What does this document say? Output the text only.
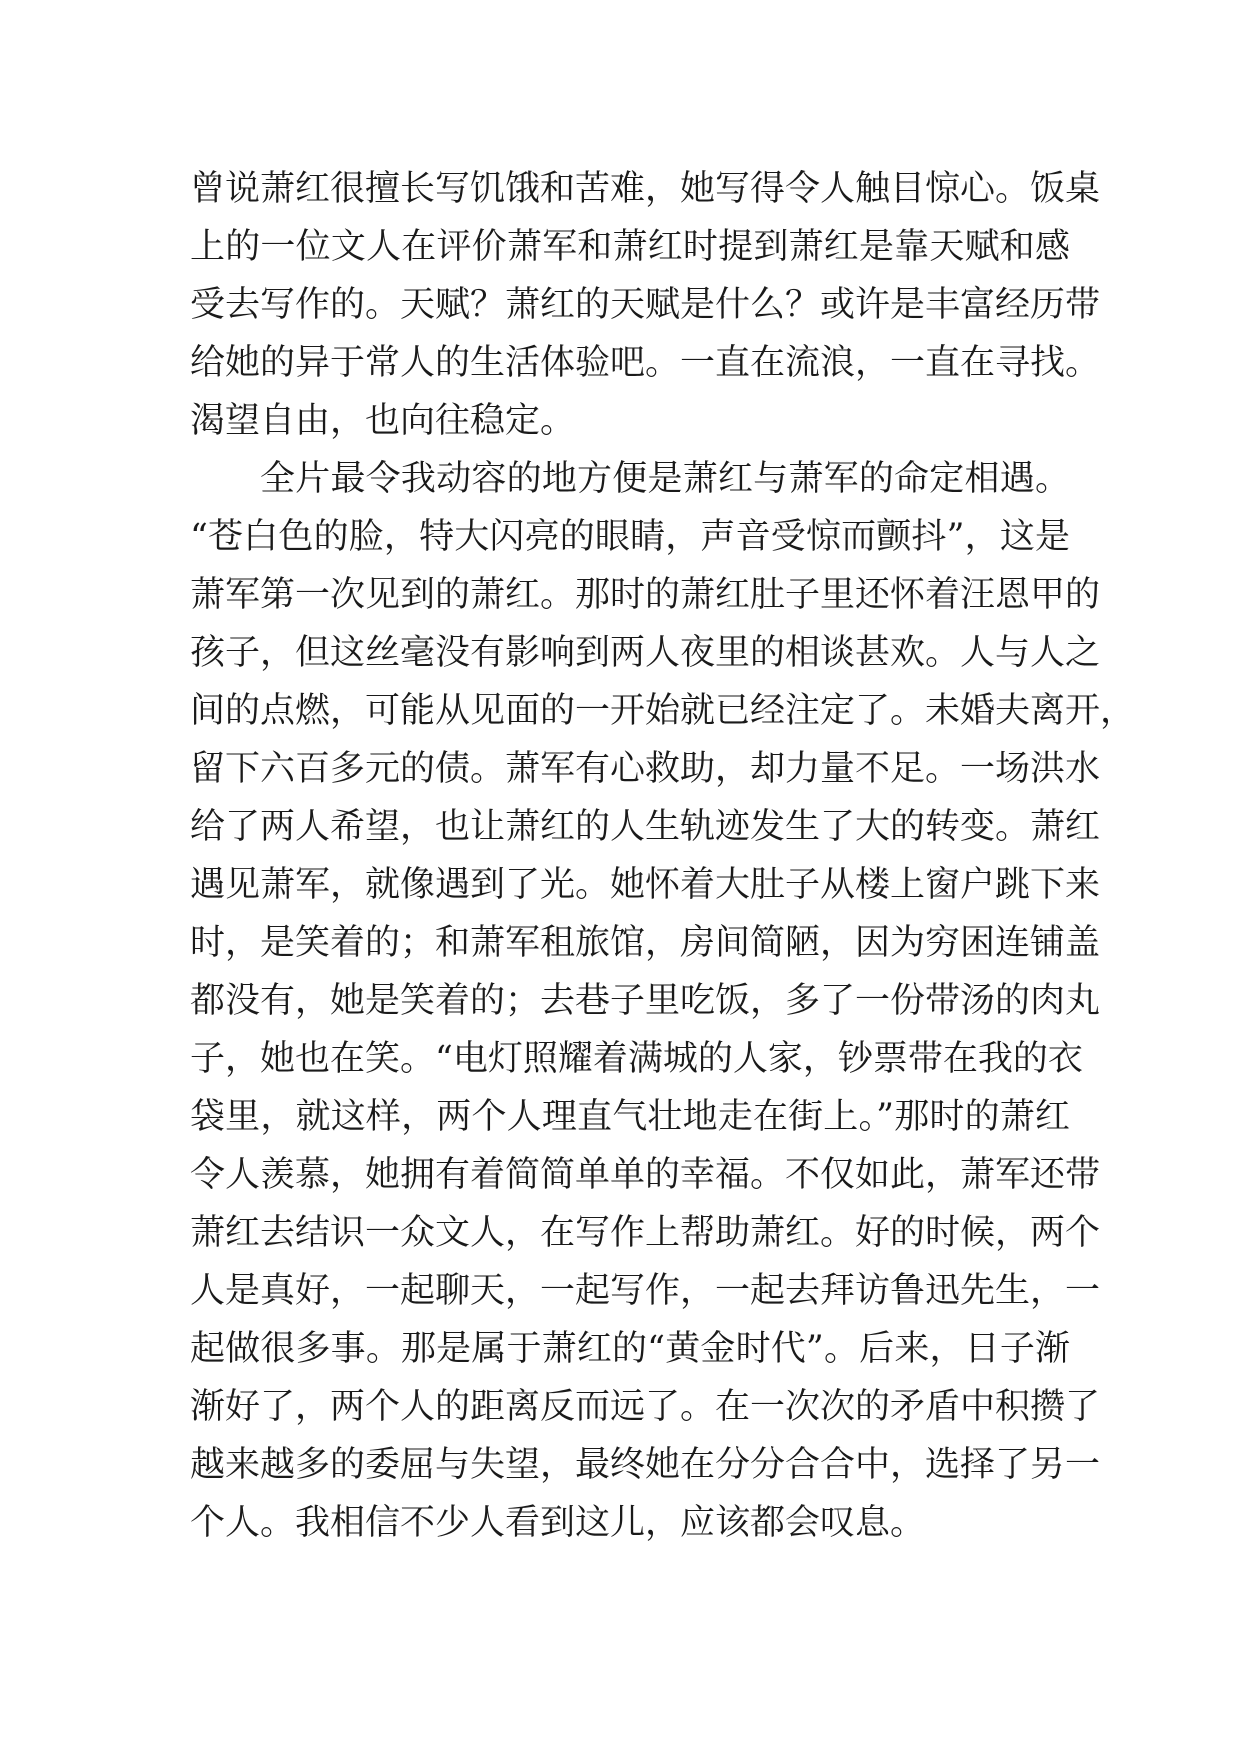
曾说萧红很擅长写饥饿和苦难，她写得令人触目惊心。饭桌
上的一位文人在评价萧军和萧红时提到萧红是靠天赋和感
受去写作的。天赋？萧红的天赋是什么？或许是丰富经历带
给她的异于常人的生活体验吧。一直在流浪，一直在寻找。
渴望自由，也向往稳定。
全片最令我动容的地方便是萧红与萧军的命定相遇。
“苍白色的脸，特大闪亮的眼睛，声音受惊而颤抖”，这是
萧军第一次见到的萧红。那时的萧红肚子里还怀着汪恩甲的
孩子，但这丝毫没有影响到两人夜里的相谈甚欢。人与人之
间的点燃，可能从见面的一开始就已经注定了。未婚夫离开，
留下六百多元的债。萧军有心救助，却力量不足。一场洪水
给了两人希望，也让萧红的人生轨迹发生了大的转变。萧红
遇见萧军，就像遇到了光。她怀着大肚子从楼上窗户跳下来
时，是笑着的；和萧军租旅馆，房间简陋，因为穷困连铺盖
都没有，她是笑着的；去巷子里吃饭，多了一份带汤的肉丸
子，她也在笑。“电灯照耀着满城的人家，钞票带在我的衣
袋里，就这样，两个人理直气壮地走在街上。”那时的萧红
令人羡慕，她拥有着简简单单的幸福。不仅如此，萧军还带
萧红去结识一众文人，在写作上帮助萧红。好的时候，两个
人是真好，一起聊天，一起写作，一起去拜访鲁迅先生，一
起做很多事。那是属于萧红的“黄金时代”。后来，日子渐
渐好了，两个人的距离反而远了。在一次次的矛盾中积攒了
越来越多的委屈与失望，最终她在分分合合中，选择了另一
个人。我相信不少人看到这儿，应该都会叹息。
